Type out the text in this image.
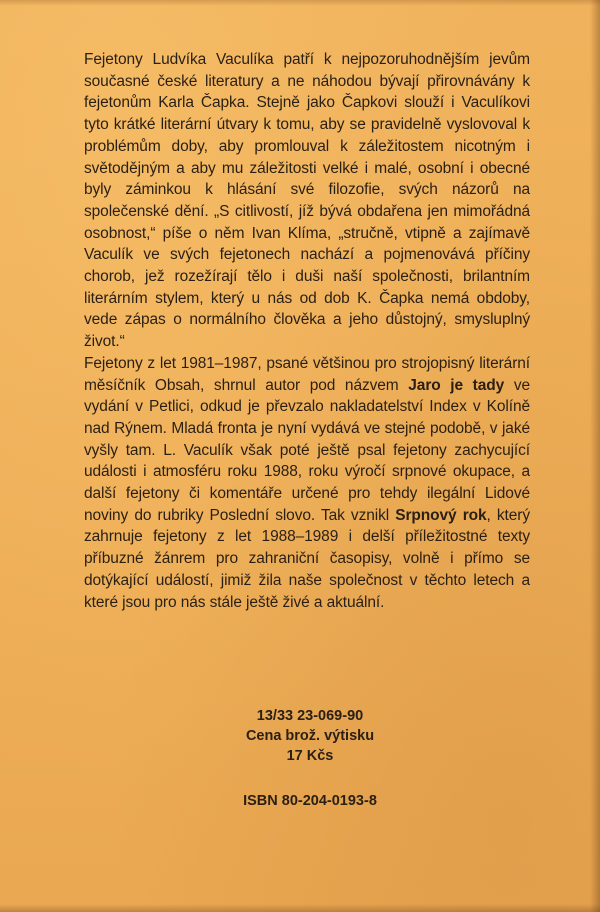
Fejetony Ludvíka Vaculíka patří k nejpozoruhodnějším jevům současné české literatury a ne náhodou bývají přirovnávány k fejetonům Karla Čapka. Stejně jako Čapkovi slouží i Vaculíkovi tyto krátké literární útvary k tomu, aby se pravidelně vyslovoval k problémům doby, aby promlouval k záležitostem nicotným i světodějným a aby mu záležitosti velké i malé, osobní i obecné byly záminkou k hlásání své filozofie, svých názorů na společenské dění. „S citlivostí, jíž bývá obdařena jen mimořádná osobnost,“ píše o něm Ivan Klíma, „stručně, vtipně a zajímavě Vaculík ve svých fejetonech nachází a pojmenovává příčiny chorob, jež rozežírají tělo i duši naší společnosti, brilantním literárním stylem, který u nás od dob K. Čapka nemá obdoby, vede zápas o normálního člověka a jeho důstojný, smysluplný život.“

Fejetony z let 1981–1987, psané většinou pro strojopisný literární měsíčník Obsah, shrnul autor pod názvem Jaro je tady ve vydání v Petlici, odkud je převzalo nakladatelství Index v Kolíně nad Rýnem. Mladá fronta je nyní vydává ve stejné podobě, v jaké vyšly tam. L. Vaculík však poté ještě psal fejetony zachycující události i atmosféru roku 1988, roku výročí srpnové okupace, a další fejetony či komentáře určené pro tehdy ilegální Lidové noviny do rubriky Poslední slovo. Tak vznikl Srpnový rok, který zahrnuje fejetony z let 1988–1989 i delší příležitostné texty příbuzné žánrem pro zahraniční časopisy, volně i přímo se dotýkající událostí, jimiž žila naše společnost v těchto letech a které jsou pro nás stále ještě živé a aktuální.

13/33 23-069-90
Cena brož. výtisku
17 Kčs
ISBN 80-204-0193-8
